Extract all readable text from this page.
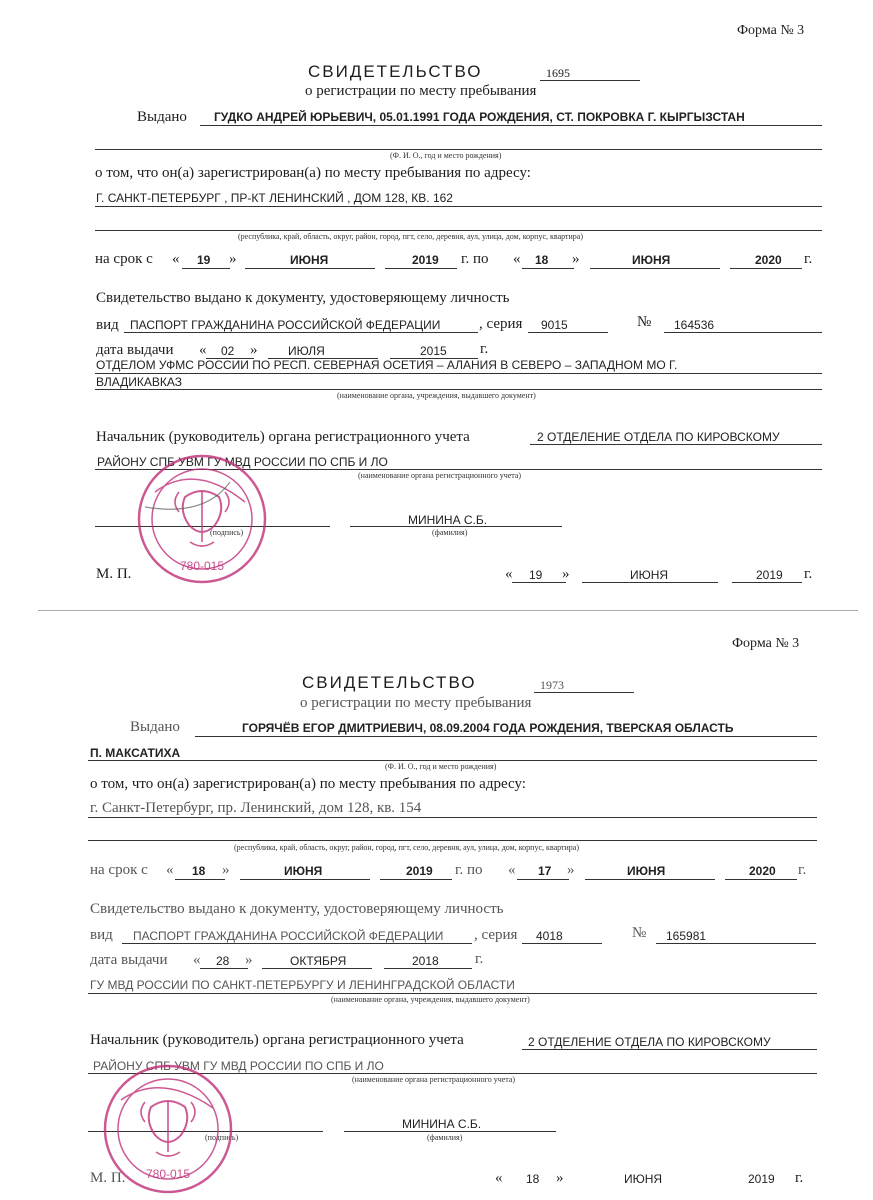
Форма № 3
СВИДЕТЕЛЬСТВО	1695
о регистрации по месту пребывания
Выдано ГУДКО АНДРЕЙ ЮРЬЕВИЧ, 05.01.1991 ГОДА РОЖДЕНИЯ, СТ. ПОКРОВКА Г. КЫРГЫЗСТАН
(Ф. И. О., год и место рождения)
о том, что он(а) зарегистрирован(а) по месту пребывания по адресу:
Г. САНКТ-ПЕТЕРБУРГ , ПР-КТ ЛЕНИНСКИЙ , ДОМ 128, КВ. 162
(республика, край, область, округ, район, город, пгт, село, деревня, аул, улица, дом, корпус, квартира)
на срок с « 19 »	ИЮНЯ	2019 г. по « 18 »	ИЮНЯ	2020 г.
Свидетельство выдано к документу, удостоверяющему личность
вид ПАСПОРТ ГРАЖДАНИНА РОССИЙСКОЙ ФЕДЕРАЦИИ	, серия 9015	№ 164536
дата выдачи « 02 »	ИЮЛЯ	2015 г.
ОТДЕЛОМ УФМС РОССИИ ПО РЕСП. СЕВЕРНАЯ ОСЕТИЯ – АЛАНИЯ В СЕВЕРО – ЗАПАДНОМ МО Г.
ВЛАДИКАВКАЗ
(наименование органа, учреждения, выдавшего документ)
Начальник (руководитель) органа регистрационного учета	2 ОТДЕЛЕНИЕ ОТДЕЛА ПО КИРОВСКОМУ
РАЙОНУ СПБ УВМ ГУ МВД РОССИИ ПО СПБ И ЛО
(наименование органа регистрационного учета)
(подпись)
МИНИНА С.Б.
(фамилия)
М. П.	« 19 »	ИЮНЯ	2019 г.
780-015
Форма № 3
СВИДЕТЕЛЬСТВО	1973
о регистрации по месту пребывания
Выдано	ГОРЯЧЁВ ЕГОР ДМИТРИЕВИЧ, 08.09.2004 ГОДА РОЖДЕНИЯ, ТВЕРСКАЯ ОБЛАСТЬ
П. МАКСАТИХА
(Ф. И. О., год и место рождения)
о том, что он(а) зарегистрирован(а) по месту пребывания по адресу:
г. Санкт-Петербург, пр. Ленинский, дом 128, кв. 154
(республика, край, область, округ, район, город, пгт, село, деревня, аул, улица, дом, корпус, квартира)
на срок с « 18 »	ИЮНЯ	2019 г. по « 17 »	ИЮНЯ	2020 г.
Свидетельство выдано к документу, удостоверяющему личность
вид ПАСПОРТ ГРАЖДАНИНА РОССИЙСКОЙ ФЕДЕРАЦИИ , серия 4018	№ 165981
дата выдачи « 28 »	ОКТЯБРЯ	2018 г.
ГУ МВД РОССИИ ПО САНКТ-ПЕТЕРБУРГУ И ЛЕНИНГРАДСКОЙ ОБЛАСТИ
(наименование органа, учреждения, выдавшего документ)
Начальник (руководитель) органа регистрационного учета	2 ОТДЕЛЕНИЕ ОТДЕЛА ПО КИРОВСКОМУ
РАЙОНУ СПБ УВМ ГУ МВД РОССИИ ПО СПБ И ЛО
(наименование органа регистрационного учета)
(подпись)
МИНИНА С.Б.
(фамилия)
М. П.	« 18 »	ИЮНЯ	2019 г.
780-015
